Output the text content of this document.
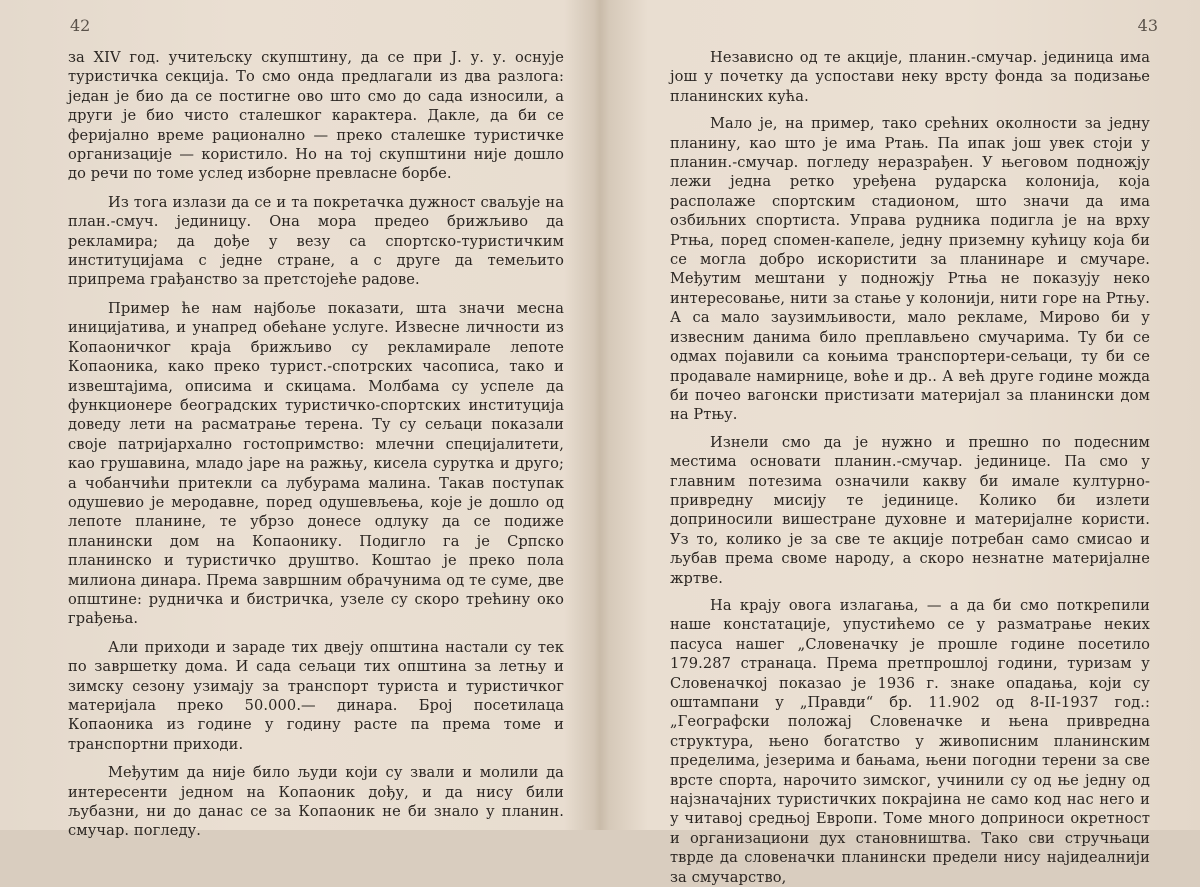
42

за XIV год. учитељску скупштину, да се при Ј. у. у. оснује туристичка секција. То смо онда предлагали из два разлога: један је био да се постигне ово што смо до сада износили, а други је био чисто сталешког карактера. Дакле, да би се феријално време рационално — преко сталешке туристичке организације — користило. Но на тој скупштини није дошло до речи по томе услед изборне превласне борбе.

Из тога излази да се и та покретачка дужност сваљује на план.-смуч. јединицу. Она мора предео брижљиво да рекламира; да дође у везу са спортско-туристичким институцијама с једне стране, а с друге да темељито припрема грађанство за претстојеће радове.

Пример ће нам најбоље показати, шта значи месна иницијатива, и унапред обећане услуге. Извесне личности из Копаоничког краја брижљиво су рекламирале лепоте Копаоника, како преко турист.-спотрских часописа, тако и извештајима, описима и скицама. Молбама су успеле да функционере београдских туристичко-спортских институција доведу лети на расматрање терена. Ту су сељаци показали своје патријархално гостопримство: млечни специјалитети, као грушавина, младо јаре на ражњу, кисела сурутка и друго; а чобанчићи притекли са лубурама малина. Такав поступак одушевио је меродавне, поред одушевљења, које је дошло од лепоте планине, те убрзо донесе одлуку да се подиже планински дом на Копаонику. Подигло га је Српско планинско и туристичко друштво. Коштао је преко пола милиона динара. Према завршним обрачунима од те суме, две општине: рудничка и бистричка, узеле су скоро трећину око грађења.

Али приходи и зараде тих двеју општина настали су тек по завршетку дома. И сада сељаци тих општина за летњу и зимску сезону узимају за транспорт туриста и туристичког материјала преко 50.000.— динара. Број посетилаца Копаоника из године у годину расте па према томе и транспортни приходи.

Међутим да није било људи који су звали и молили да интересенти једном на Копаоник дођу, и да нису били љубазни, ни до данас се за Копаоник не би знало у планин. смучар. погледу.

43

Независно од те акције, планин.-смучар. јединица има још у почетку да успостави неку врсту фонда за подизање планинских кућа.

Мало је, на пример, тако срећних околности за једну планину, као што је има Ртањ. Па ипак још увек стоји у планин.-смучар. погледу неразрађен. У његовом подножју лежи једна ретко уређена рударска колонија, која располаже спортским стадионом, што значи да има озбиљних спортиста. Управа рудника подигла је на врху Ртња, поред спомен-капеле, једну приземну кућицу која би се могла добро искористити за планинаре и смучаре. Међутим мештани у подножју Ртња не показују неко интересовање, нити за стање у колонији, нити горе на Ртњу. А са мало заузимљивости, мало рекламе, Мирово би у извесним данима било преплављено смучарима. Ту би се одмах појавили са коњима транспортери-сељаци, ту би се продавале намирнице, воће и др.. А већ друге године можда би почео вагонски пристизати материјал за планински дом на Ртњу.

Изнели смо да је нужно и прешно по подесним местима основати планин.-смучар. јединице. Па смо у главним потезима означили какву би имале културно-привредну мисију те јединице. Колико би излети доприносили вишестране духовне и материјалне користи. Уз то, колико је за све те акције потребан само смисао и љубав према своме народу, а скоро незнатне материјалне жртве.

На крају овога излагања, — а да би смо поткрепили наше констатације, упустићемо се у разматрање неких пасуса нашег „Словеначку је прошле године посетило 179.287 странаца. Према претпрошлој години, туризам у Словеначкој показао је 1936 г. знаке опадања, који су оштампани у „Правди“ бр. 11.902 од 8-II-1937 год.: „Географски положај Словеначке и њена привредна структура, њено богатство у живописним планинским пределима, језерима и бањама, њени погодни терени за све врсте спорта, нарочито зимског, учинили су од ње једну од најзначајних туристичких покрајина не само код нас него и у читавој средњој Европи. Томе много доприноси окретност и организациони дух становништва. Тако сви стручњаци тврде да словеначки планински предели нису најидеалнији за смучарство,
